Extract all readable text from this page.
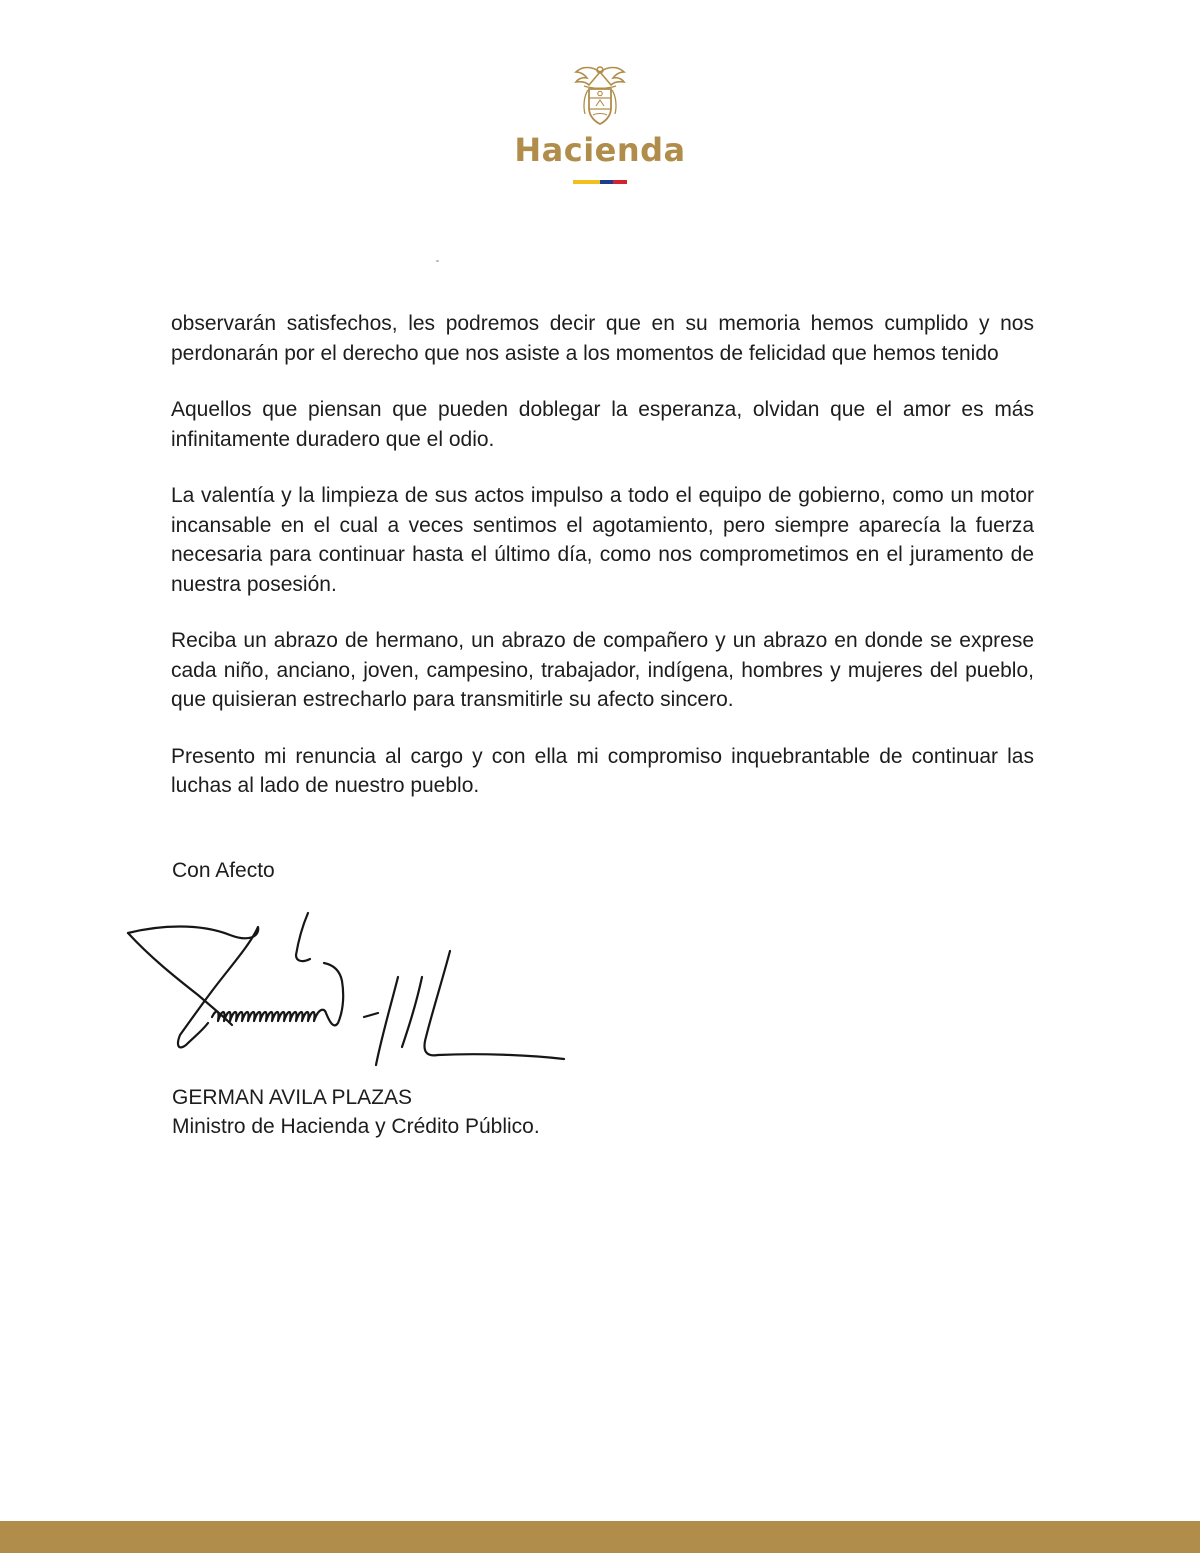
Hacienda

observarán satisfechos, les podremos decir que en su memoria hemos cumplido y nos perdonarán por el derecho que nos asiste a los momentos de felicidad que hemos tenido

Aquellos que piensan que pueden doblegar la esperanza, olvidan que el amor es más infinitamente duradero que el odio.

La valentía y la limpieza de sus actos impulso a todo el equipo de gobierno, como un motor incansable en el cual a veces sentimos el agotamiento, pero siempre aparecía la fuerza necesaria para continuar hasta el último día, como nos comprometimos en el juramento de nuestra posesión.

Reciba un abrazo de hermano, un abrazo de compañero y un abrazo en donde se exprese cada niño, anciano, joven, campesino, trabajador, indígena, hombres y mujeres del pueblo, que quisieran estrecharlo para transmitirle su afecto sincero.

Presento mi renuncia al cargo y con ella mi compromiso inquebrantable de continuar las luchas al lado de nuestro pueblo.

Con Afecto
GERMAN AVILA PLAZAS
Ministro de Hacienda y Crédito Público.
